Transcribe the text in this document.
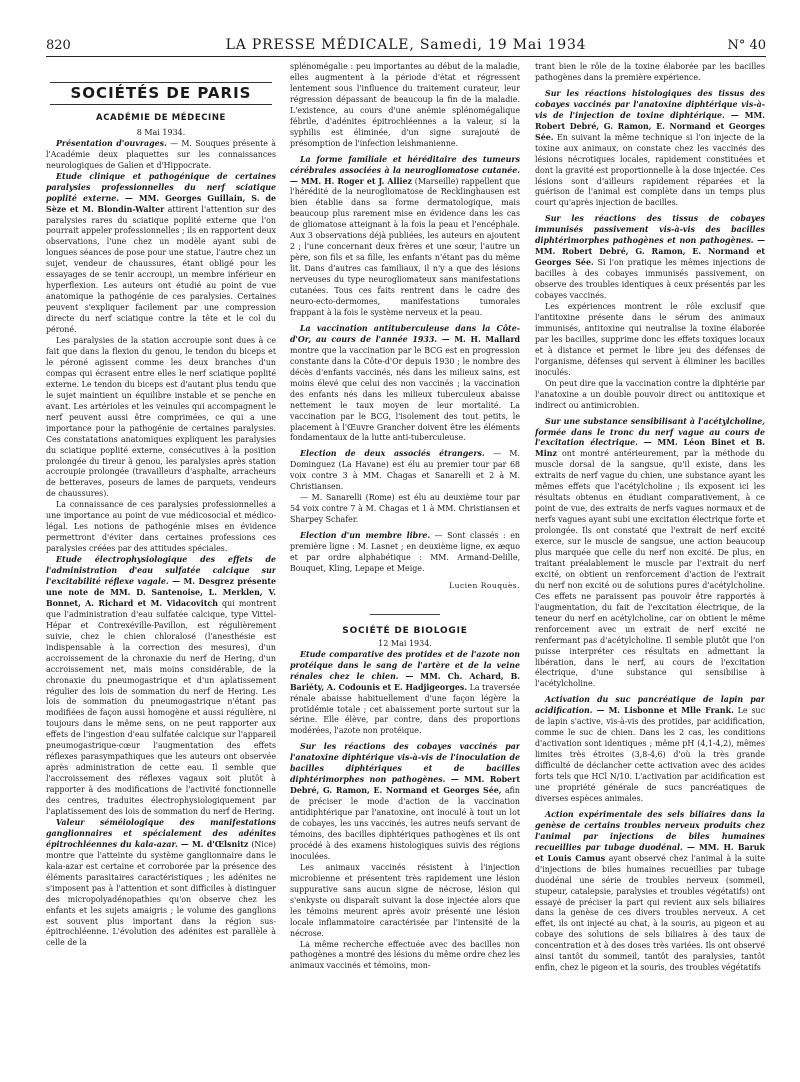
820	LA PRESSE MÉDICALE, Samedi, 19 Mai 1934	N° 40
SOCIÉTÉS DE PARIS
ACADÉMIE DE MÉDECINE

8 Mai 1934.

Présentation d'ouvrages. — M. Souques présente à l'Académie deux plaquettes sur les connaissances neurologiques de Galien et d'Hippocrate.

Etude clinique et pathogénique de certaines paralysies professionnelles du nerf sciatique poplité externe. — MM. Georges Guillain, S. de Sèze et M. Blondin-Walter attirent l'attention sur des paralysies rares du sciatique poplité externe que l'on pourrait appeler professionnelles ; ils en rapportent deux observations, l'une chez un modèle ayant subi de longues séances de pose pour une statue, l'autre chez un sujet, vendeur de chaussures, étant obligé pour les essayages de se tenir accroupi, un membre inférieur en hyperflexion. Les auteurs ont étudié au point de vue anatomique la pathogénie de ces paralysies. Certaines peuvent s'expliquer facilement par une compression directe du nerf sciatique contre la tête et le col du péroné.

Les paralysies de la station accroupie sont dues à ce fait que dans la flexion du genou, le tendon du biceps et le péroné agissent comme les deux branches d'un compas qui écrasent entre elles le nerf sciatique poplité externe. Le tendon du biceps est d'autant plus tendu que le sujet maintient un équilibre instable et se penche en avant. Les artérioles et les veinules qui accompagnent le nerf peuvent aussi être comprimées, ce qui a une importance pour la pathogénie de certaines paralysies. Ces constatations anatomiques expliquent les paralysies du sciatique poplité externe, consécutives à la position prolongée du tireur à genou, les paralysies après station accroupie prolongée (travailleurs d'asphalte, arracheurs de betteraves, poseurs de lames de parquets, vendeurs de chaussures).

La connaissance de ces paralysies professionnelles a une importance au point de vue médicosocial et médico-légal. Les notions de pathogénie mises en évidence permettront d'éviter dans certaines professions ces paralysies créées par des attitudes spéciales.

Etude électrophysiologique des effets de l'administration d'eau sulfatée calcique sur l'excitabilité réflexe vagale. — M. Desgrez présente une note de MM. D. Santenoise, L. Merklen, V. Bonnet, A. Richard et M. Vidacovitch qui montrent que l'administration d'eau sulfatée calcique, type Vittel-Hépar et Contrexéville-Pavillon, est régulièrement suivie, chez le chien chloralosé (l'anesthésie est indispensable à la correction des mesures), d'un accroissement de la chronaxie du nerf de Hering, d'un accroissement net, mais moins considérable, de la chronaxie du pneumogastrique et d'un aplatissement régulier des lois de sommation du nerf de Hering. Les lois de sommation du pneumogastrique n'étant pas modifiées de façon aussi homogène et aussi régulière, ni toujours dans le même sens, on ne peut rapporter aux effets de l'ingestion d'eau sulfatée calcique sur l'appareil pneumogastrique-cœur l'augmentation des effets réflexes parasympathiques que les auteurs ont observée après administration de cette eau. Il semble que l'accroissement des réflexes vagaux soit plutôt à rapporter à des modifications de l'activité fonctionnelle des centres, traduites électrophysiologiquement par l'aplatissement des lois de sommation du nerf de Hering.

Valeur séméiologique des manifestations ganglionnaires et spécialement des adénites épitrochléennes du kala-azar. — M. d'Œlsnitz (Nice) montre que l'atteinte du système ganglionnaire dans le kala-azar est certaine et corroborée par la présence des éléments parasitaires caractéristiques ; les adénites ne s'imposent pas à l'attention et sont difficiles à distinguer des micropolyadénopathies qu'on observe chez les enfants et les sujets amaigris ; le volume des ganglions est souvent plus important dans la région sus-épitrochléenne. L'évolution des adénites est parallèle à celle de la

splénomégalie : peu importantes au début de la maladie, elles augmentent à la période d'état et régressent lentement sous l'influence du traitement curateur, leur régression dépassant de beaucoup la fin de la maladie. L'existence, au cours d'une anémie splénomégalique fébrile, d'adénites épitrochléennes a la valeur, si la syphilis est éliminée, d'un signe surajouté de présomption de l'infection leishmanienne.

La forme familiale et héréditaire des tumeurs cérébrales associées à la neurogliomatose cutanée. — MM. H. Roger et J. Alliez (Marseille) rappellent que l'hérédité de la neurogliomatose de Recklinghausen est bien établie dans sa forme dermatologique, mais beaucoup plus rarement mise en évidence dans les cas de gliomatose atteignant à la fois la peau et l'encéphale. Aux 3 observations déjà publiées, les auteurs en ajoutent 2 ; l'une concernant deux frères et une sœur, l'autre un père, son fils et sa fille, les enfants n'étant pas du même lit. Dans d'autres cas familiaux, il n'y a que des lésions nerveuses du type neurogliomateux sans manifestations cutanées. Tous ces faits rentrent dans le cadre des neuro-ecto-dermomes, manifestations tumorales frappant à la fois le système nerveux et la peau.

La vaccination antituberculeuse dans la Côte-d'Or, au cours de l'année 1933. — M. H. Mallard montre que la vaccination par le BCG est en progression constante dans la Côte-d'Or depuis 1930 ; le nombre des décès d'enfants vaccinés, nés dans les milieux sains, est moins élevé que celui des non vaccinés ; la vaccination des enfants nés dans les milieux tuberculeux abaisse nettement le taux moyen de leur mortalité. La vaccination par le BCG, l'isolement des tout petits, le placement à l'Œuvre Grancher doivent être les éléments fondamentaux de la lutte anti-tuberculeuse.

Election de deux associés étrangers. — M. Dominguez (La Havane) est élu au premier tour par 68 voix contre 3 à MM. Chagas et Sanarelli et 2 à M. Christiansen.

— M. Sanarelli (Rome) est élu au deuxième tour par 54 voix contre 7 à M. Chagas et 1 à MM. Christiansen et Sharpey Schafer.

Election d'un membre libre. — Sont classés : en première ligne : M. Lasnet ; en deuxième ligne, ex æquo et par ordre alphabétique : MM. Armand-Delille, Bouquet, Kling, Lepape et Meige.

Lucien Rouquès.
SOCIÉTÉ DE BIOLOGIE

12 Mai 1934.

Etude comparative des protides et de l'azote non protéique dans le sang de l'artère et de la veine rénales chez le chien. — MM. Ch. Achard, B. Bariéty, A. Codounis et E. Hadjigeorges. La traversée rénale abaisse habituellement d'une façon légère la protidémie totale ; cet abaissement porte surtout sur la sérine. Elle élève, par contre, dans des proportions modérées, l'azote non protéique.

Sur les réactions des cobayes vaccinés par l'anatoxine diphtérique vis-à-vis de l'inoculation de bacilles diphtériques et de bacilles diphtérimorphes non pathogènes. — MM. Robert Debré, G. Ramon, E. Normand et Georges Sée, afin de préciser le mode d'action de la vaccination antidiphtérique par l'anatoxine, ont inoculé à tout un lot de cobayes, les uns vaccinés, les autres neufs servant de témoins, des bacilles diphtériques pathogènes et ils ont procédé à des examens histologiques suivis des régions inoculées.

Les animaux vaccinés résistent à l'injection microbienne et présentent très rapidement une lésion suppurative sans aucun signe de nécrose, lésion qui s'enkyste ou disparaît suivant la dose injectée alors que les témoins meurent après avoir présenté une lésion locale inflammatoire caractérisée par l'intensité de la nécrose.

La même recherche effectuée avec des bacilles non pathogènes a montré des lésions du même ordre chez les animaux vaccinés et témoins, mon-

trant bien le rôle de la toxine élaborée par les bacilles pathogènes dans la première expérience.

Sur les réactions histologiques des tissus des cobayes vaccinés par l'anatoxine diphtérique vis-à-vis de l'injection de toxine diphtérique. — MM. Robert Debré, G. Ramon, E. Normand et Georges Sée. En suivant la même technique si l'on injecte de la toxine aux animaux, on constate chez les vaccinés des lésions nécrotiques locales, rapidement constituées et dont la gravité est proportionnelle à la dose injectée. Ces lésions sont d'ailleurs rapidement réparées et la guérison de l'animal est complète dans un temps plus court qu'après injection de bacilles.

Sur les réactions des tissus de cobayes immunisés passivement vis-à-vis des bacilles diphtérimorphes pathogènes et non pathogènes. — MM. Robert Debré, G. Ramon, E. Normand et Georges Sée. Si l'on pratique les mêmes injections de bacilles à des cobayes immunisés passivement, on observe des troubles identiques à ceux présentés par les cobayes vaccinés.

Les expériences montrent le rôle exclusif que l'antitoxine présente dans le sérum des animaux immunisés, antitoxine qui neutralise la toxine élaborée par les bacilles, supprime donc les effets toxiques locaux et à distance et permet le libre jeu des défenses de l'organisme, défenses qui servent à éliminer les bacilles inoculés.

On peut dire que la vaccination contre la diphtérie par l'anatoxine a un double pouvoir direct ou antitoxique et indirect ou antimicrobien.

Sur une substance sensibilisant à l'acétylcholine, formée dans le tronc du nerf vague au cours de l'excitation électrique. — MM. Léon Binet et B. Minz ont montré antérieurement, par la méthode du muscle dorsal de la sangsue, qu'il existe, dans les extraits de nerf vague du chien, une substance ayant les mêmes effets que l'acétylcholine ; ils exposent ici les résultats obtenus en étudiant comparativement, à ce point de vue, des extraits de nerfs vagues normaux et de nerfs vagues ayant subi une excitation électrique forte et prolongée. Ils ont constaté que l'extrait de nerf excité exerce, sur le muscle de sangsue, une action beaucoup plus marquée que celle du nerf non excité. De plus, en traitant préalablement le muscle par l'extrait du nerf excité, on obtient un renforcement d'action de l'extrait du nerf non excité ou de solutions pures d'acétylcholine. Ces effets ne paraissent pas pouvoir être rapportés à l'augmentation, du fait de l'excitation électrique, de la teneur du nerf en acétylcholine, car on obtient le même renforcement avec un extrait de nerf excité ne renfermant pas d'acétylcholine. Il semble plutôt que l'on puisse interpréter ces résultats en admettant la libération, dans le nerf, au cours de l'excitation électrique, d'une substance qui sensibilise à l'acétylcholine.

Activation du suc pancréatique de lapin par acidification. — M. Lisbonne et Mlle Frank. Le suc de lapin s'active, vis-à-vis des protides, par acidification, comme le suc de chien. Dans les 2 cas, les conditions d'activation sont identiques ; même pH (4,1-4,2), mêmes limites très étroites (3,8-4,6) d'où la très grande difficulté de déclancher cette activation avec des acides forts tels que HCl N/10. L'activation par acidification est une propriété générale de sucs pancréatiques de diverses espèces animales.

Action expérimentale des sels biliaires dans la genèse de certains troubles nerveux produits chez l'animal par injections de biles humaines recueillies par tubage duodénal. — MM. H. Baruk et Louis Camus ayant observé chez l'animal à la suite d'injections de biles humaines recueillies par tubage duodénal une série de troubles nerveux (sommeil, stupeur, catalepsie, paralysies et troubles végétatifs) ont essayé de préciser la part qui revient aux sels biliaires dans la genèse de ces divers troubles nerveux. A cet effet, ils ont injecté au chat, à la souris, au pigeon et au cobaye des solutions de sels biliaires à des taux de concentration et à des doses très variées. Ils ont observé ainsi tantôt du sommeil, tantôt des paralysies, tantôt enfin, chez le pigeon et la souris, des troubles végétatifs
